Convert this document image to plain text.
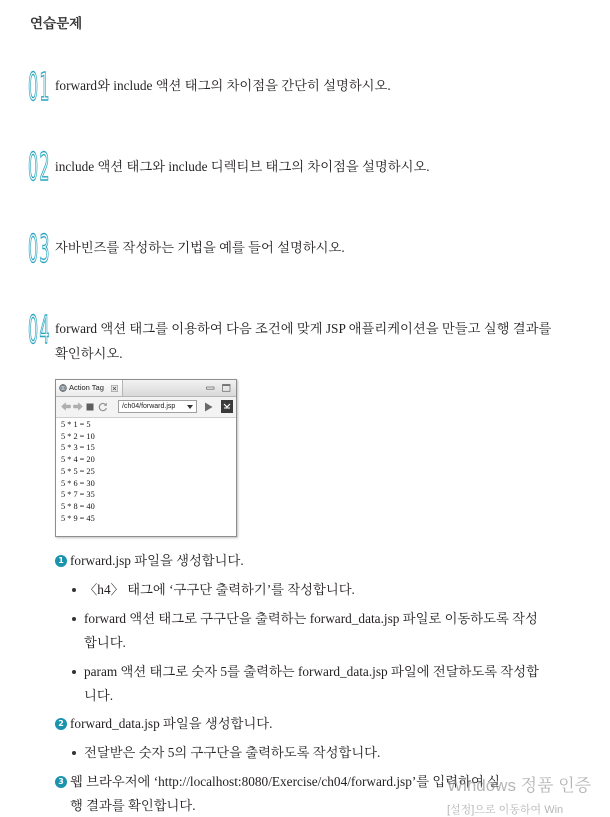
연습문제
01 forward와 include 액션 태그의 차이점을 간단히 설명하시오.
02 include 액션 태그와 include 디렉티브 태그의 차이점을 설명하시오.
03 자바빈즈를 작성하는 기법을 예를 들어 설명하시오.
04 forward 액션 태그를 이용하여 다음 조건에 맞게 JSP 애플리케이션을 만들고 실행 결과를
확인하시오.
Action Tag
/ch04/forward.jsp
5 * 1 = 5
5 * 2 = 10
5 * 3 = 15
5 * 4 = 20
5 * 5 = 25
5 * 6 = 30
5 * 7 = 35
5 * 8 = 40
5 * 9 = 45
1 forward.jsp 파일을 생성합니다.
〈h4〉 태그에 ‘구구단 출력하기’를 작성합니다.
forward 액션 태그로 구구단을 출력하는 forward_data.jsp 파일로 이동하도록 작성
합니다.
param 액션 태그로 숫자 5를 출력하는 forward_data.jsp 파일에 전달하도록 작성합
니다.
2 forward_data.jsp 파일을 생성합니다.
전달받은 숫자 5의 구구단을 출력하도록 작성합니다.
3 웹 브라우저에 ‘http://localhost:8080/Exercise/ch04/forward.jsp’를 입력하여 실
행 결과를 확인합니다.
Windows 정품 인증
[설정]으로 이동하여 Win
